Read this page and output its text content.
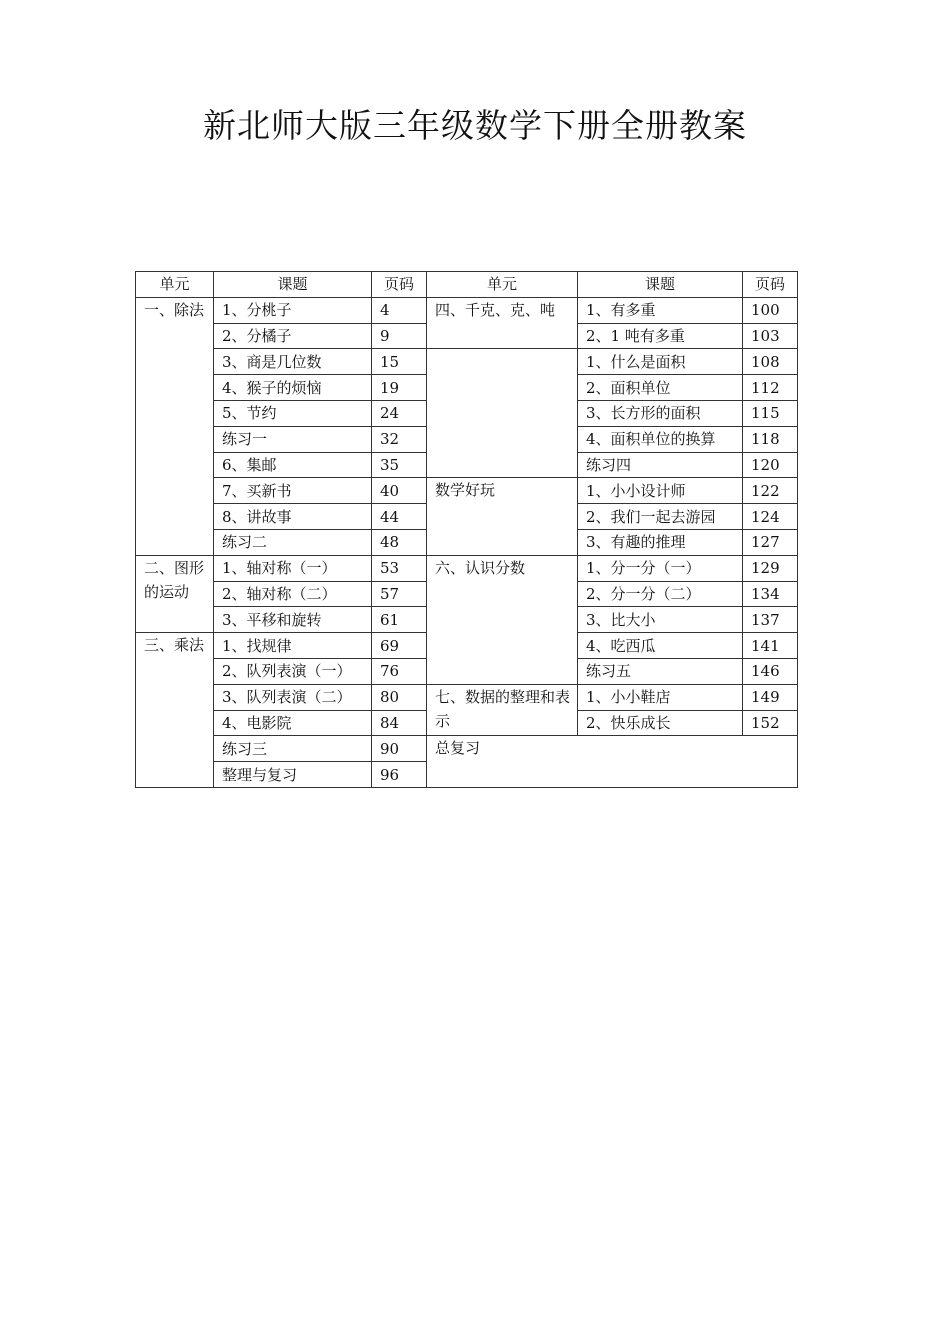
新北师大版三年级数学下册全册教案
单元	课题	页码	单元	课题	页码
一、除法	1、分桃子	4	四、千克、克、吨	1、有多重	100
	2、分橘子	9		2、1 吨有多重	103
	3、商是几位数	15		1、什么是面积	108
	4、猴子的烦恼	19		2、面积单位	112
	5、节约	24		3、长方形的面积	115
	练习一	32		4、面积单位的换算	118
	6、集邮	35		练习四	120
	7、买新书	40	数学好玩	1、小小设计师	122
	8、讲故事	44		2、我们一起去游园	124
	练习二	48		3、有趣的推理	127
二、图形的运动	1、轴对称（一）	53	六、认识分数	1、分一分（一）	129
	2、轴对称（二）	57		2、分一分（二）	134
	3、平移和旋转	61		3、比大小	137
三、乘法	1、找规律	69		4、吃西瓜	141
	2、队列表演（一）	76		练习五	146
	3、队列表演（二）	80	七、数据的整理和表示	1、小小鞋店	149
	4、电影院	84		2、快乐成长	152
	练习三	90	总复习		
	整理与复习	96			
